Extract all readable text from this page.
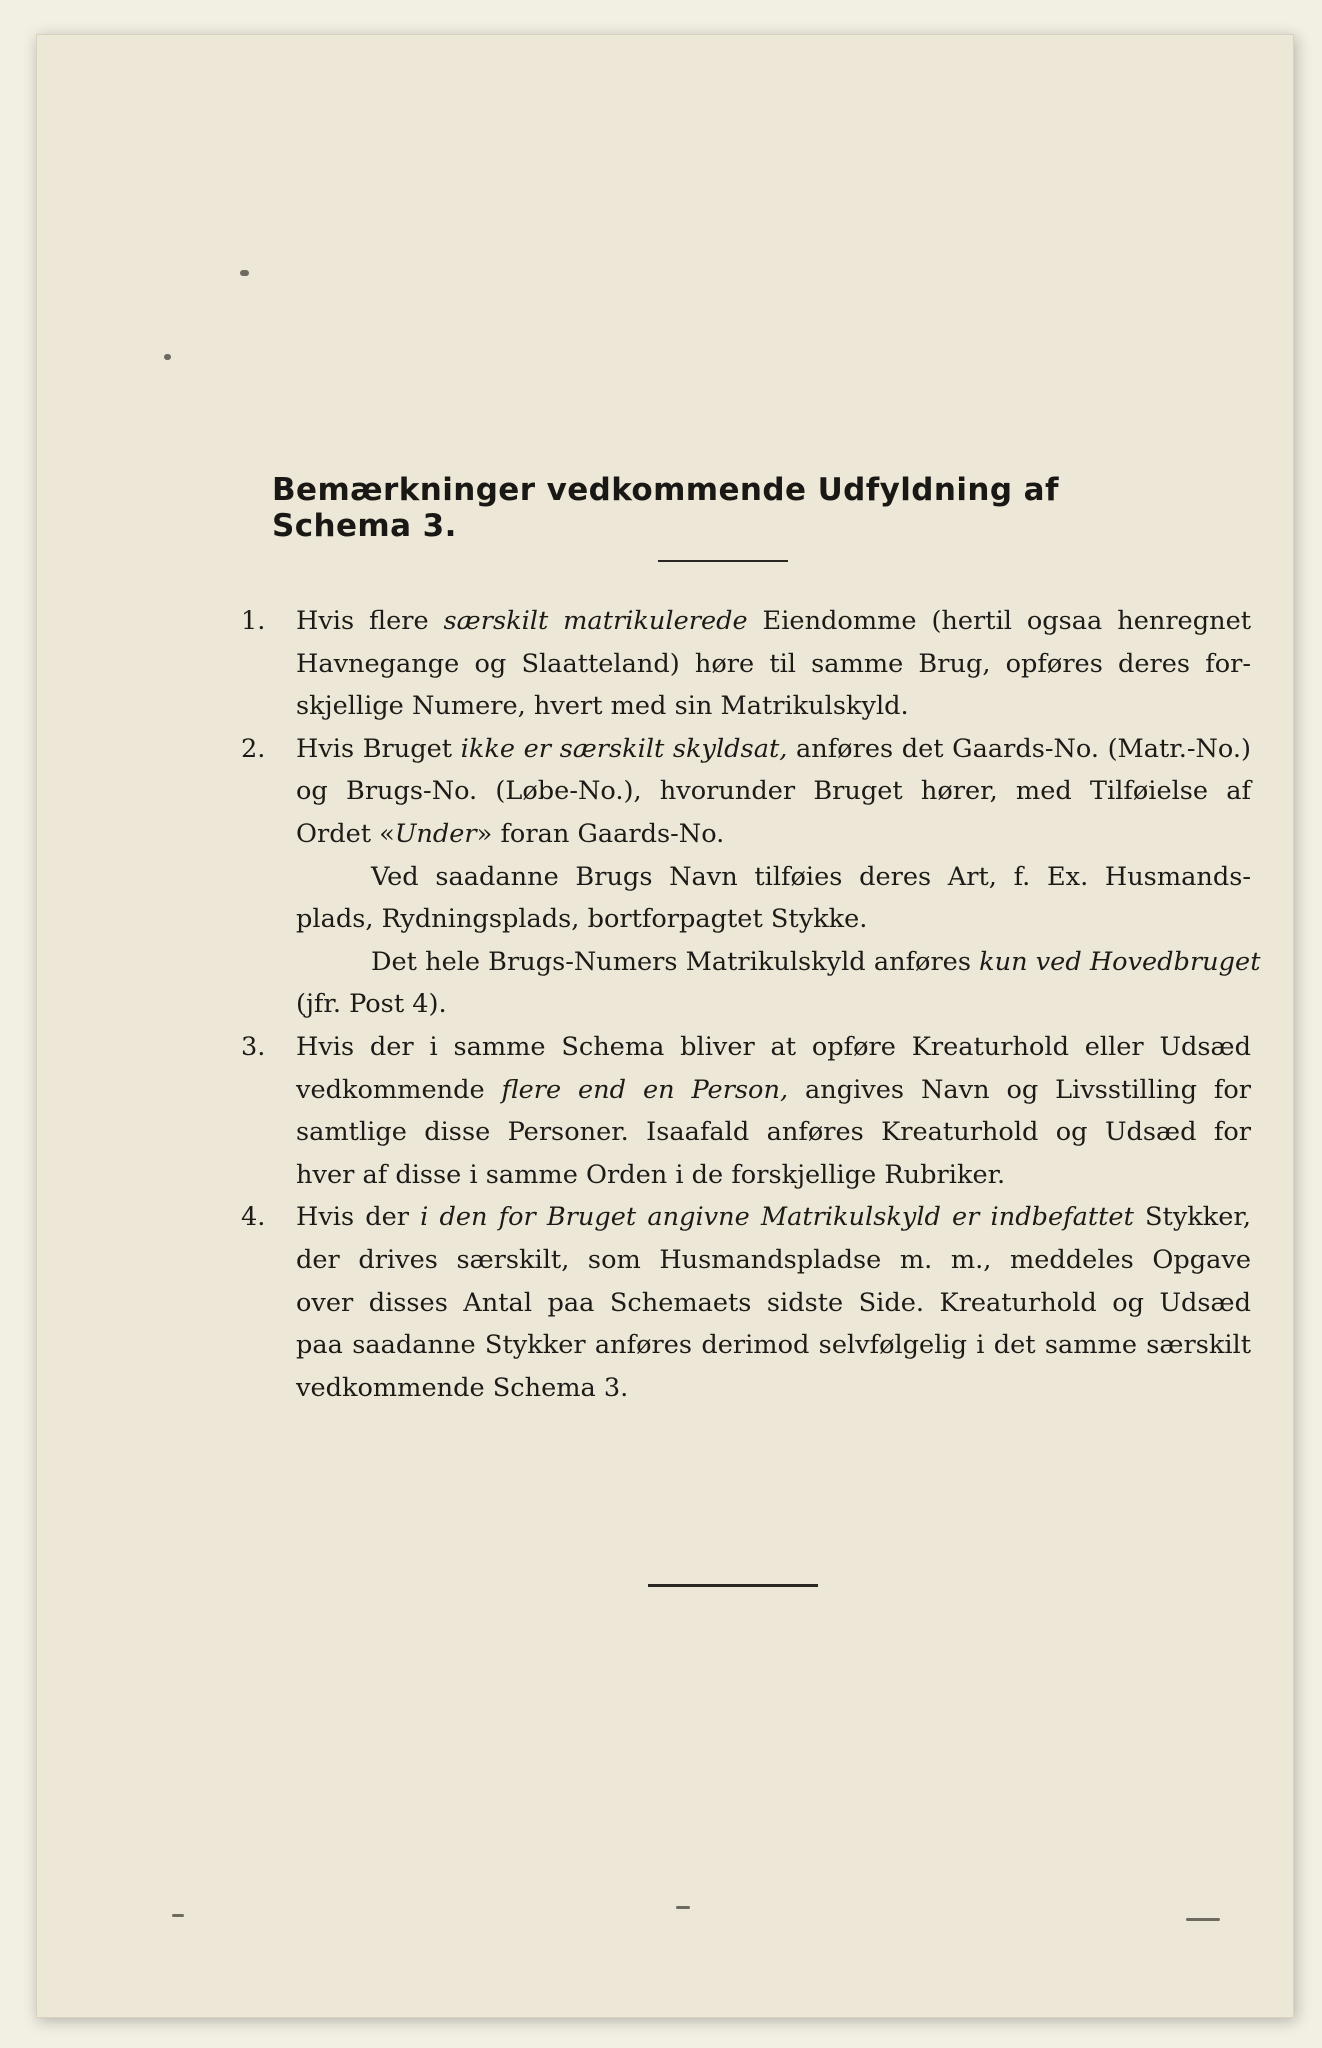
Bemærkninger vedkommende Udfyldning af Schema 3.
1. Hvis flere særskilt matrikulerede Eiendomme (hertil ogsaa henregnet
Havnegange og Slaatteland) høre til samme Brug, opføres deres for-
skjellige Numere, hvert med sin Matrikulskyld.
2. Hvis Bruget ikke er særskilt skyldsat, anføres det Gaards-No. (Matr.-No.)
og Brugs-No. (Løbe-No.), hvorunder Bruget hører, med Tilføielse af
Ordet «Under» foran Gaards-No.
Ved saadanne Brugs Navn tilføies deres Art, f. Ex. Husmands-
plads, Rydningsplads, bortforpagtet Stykke.
Det hele Brugs-Numers Matrikulskyld anføres kun ved Hovedbruget
(jfr. Post 4).
3. Hvis der i samme Schema bliver at opføre Kreaturhold eller Udsæd
vedkommende flere end en Person, angives Navn og Livsstilling for
samtlige disse Personer. Isaafald anføres Kreaturhold og Udsæd for
hver af disse i samme Orden i de forskjellige Rubriker.
4. Hvis der i den for Bruget angivne Matrikulskyld er indbefattet Stykker,
der drives særskilt, som Husmandspladse m. m., meddeles Opgave
over disses Antal paa Schemaets sidste Side. Kreaturhold og Udsæd
paa saadanne Stykker anføres derimod selvfølgelig i det samme særskilt
vedkommende Schema 3.
